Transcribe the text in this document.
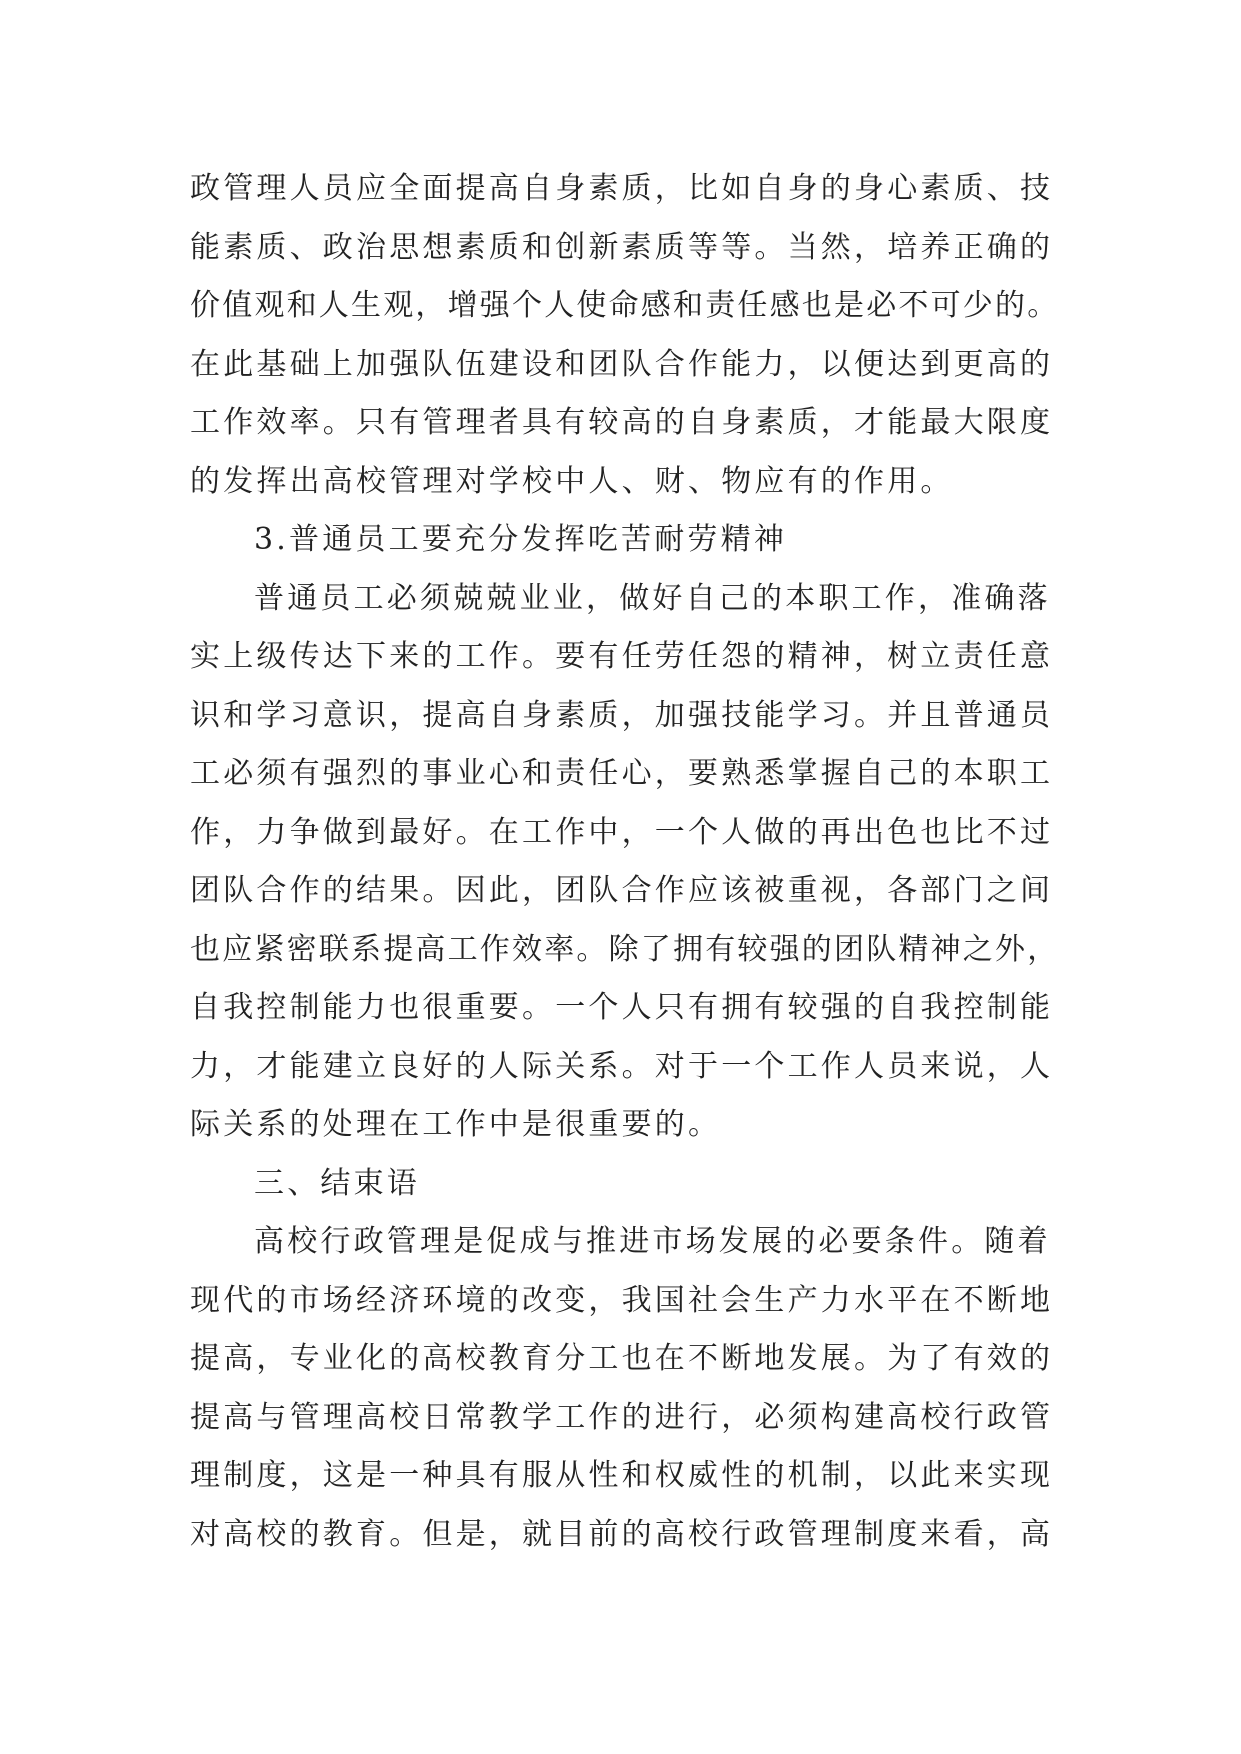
政管理人员应全面提高自身素质，比如自身的身心素质、技
能素质、政治思想素质和创新素质等等。当然，培养正确的
价值观和人生观，增强个人使命感和责任感也是必不可少的。
在此基础上加强队伍建设和团队合作能力，以便达到更高的
工作效率。只有管理者具有较高的自身素质，才能最大限度
的发挥出高校管理对学校中人、财、物应有的作用。
3.普通员工要充分发挥吃苦耐劳精神
普通员工必须兢兢业业，做好自己的本职工作，准确落
实上级传达下来的工作。要有任劳任怨的精神，树立责任意
识和学习意识，提高自身素质，加强技能学习。并且普通员
工必须有强烈的事业心和责任心，要熟悉掌握自己的本职工
作，力争做到最好。在工作中，一个人做的再出色也比不过
团队合作的结果。因此，团队合作应该被重视，各部门之间
也应紧密联系提高工作效率。除了拥有较强的团队精神之外，
自我控制能力也很重要。一个人只有拥有较强的自我控制能
力，才能建立良好的人际关系。对于一个工作人员来说，人
际关系的处理在工作中是很重要的。
三、结束语
高校行政管理是促成与推进市场发展的必要条件。随着
现代的市场经济环境的改变，我国社会生产力水平在不断地
提高，专业化的高校教育分工也在不断地发展。为了有效的
提高与管理高校日常教学工作的进行，必须构建高校行政管
理制度，这是一种具有服从性和权威性的机制，以此来实现
对高校的教育。但是，就目前的高校行政管理制度来看，高
